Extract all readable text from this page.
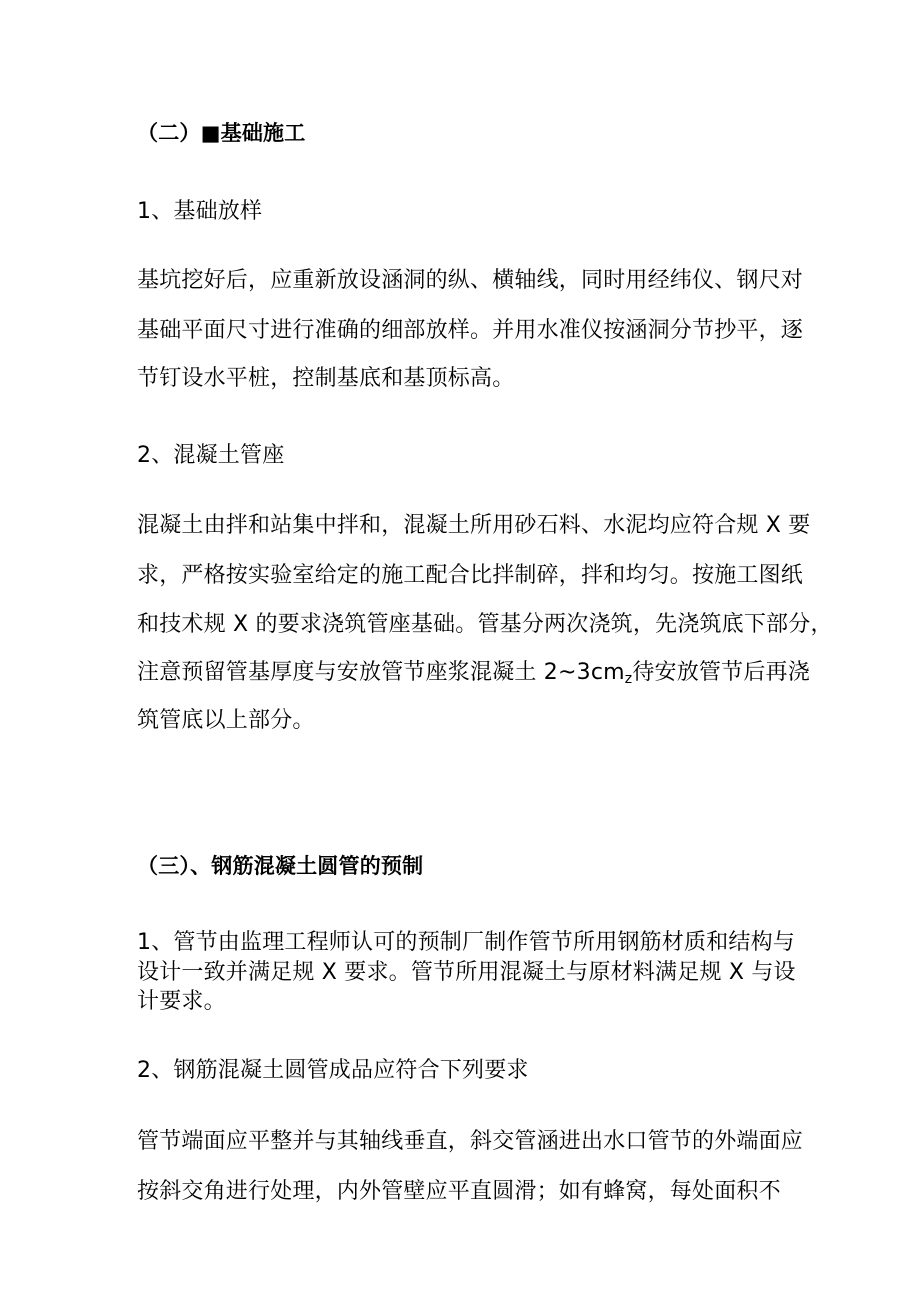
（二）■基础施工
1、基础放样
基坑挖好后，应重新放设涵洞的纵、横轴线，同时用经纬仪、钢尺对
基础平面尺寸进行准确的细部放样。并用水准仪按涵洞分节抄平，逐
节钉设水平桩，控制基底和基顶标高。
2、混凝土管座
混凝土由拌和站集中拌和，混凝土所用砂石料、水泥均应符合规 X 要
求，严格按实验室给定的施工配合比拌制碎，拌和均匀。按施工图纸
和技术规 X 的要求浇筑管座基础。管基分两次浇筑，先浇筑底下部分，
注意预留管基厚度与安放管节座浆混凝土 $2\sim 3cm_z$待安放管节后再浇
筑管底以上部分。
（三）、钢筋混凝土圆管的预制
1、管节由监理工程师认可的预制厂制作管节所用钢筋材质和结构与
设计一致并满足规 X 要求。管节所用混凝土与原材料满足规 X 与设
计要求。
2、钢筋混凝土圆管成品应符合下列要求
管节端面应平整并与其轴线垂直，斜交管涵进出水口管节的外端面应
按斜交角进行处理，内外管壁应平直圆滑；如有蜂窝，每处面积不
